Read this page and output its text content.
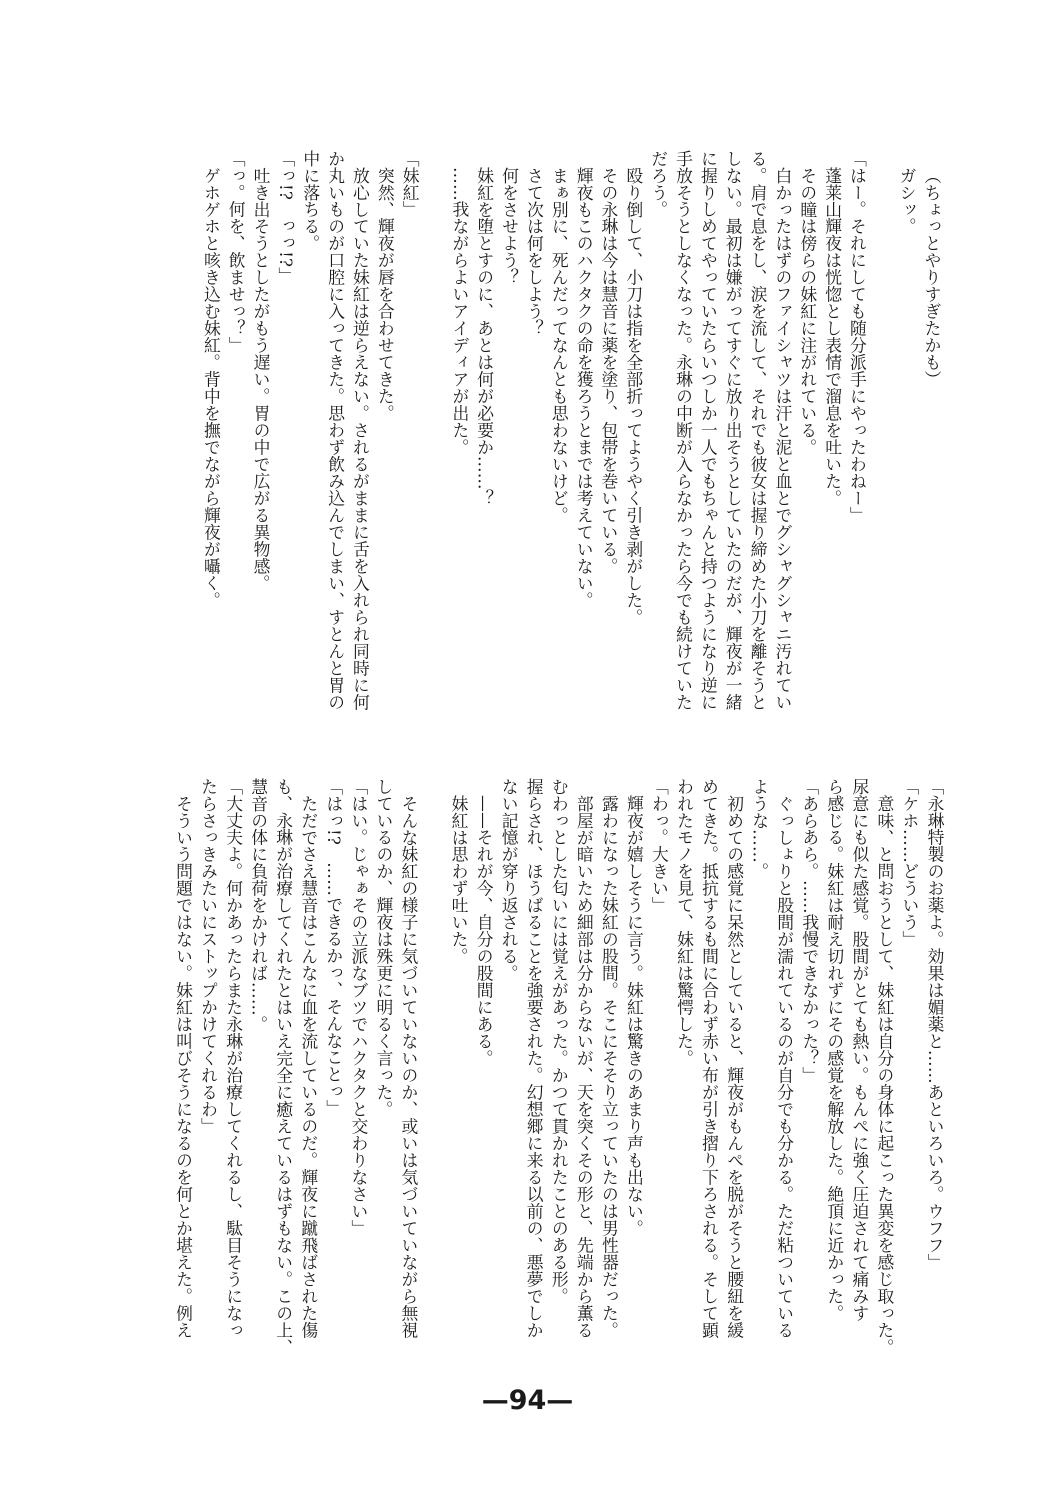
（ちょっとやりすぎたかも）
ガシッ。
「はー。それにしても随分派手にやったわねー」
蓬莱山輝夜は恍惚とし表情で溜息を吐いた。
その瞳は傍らの妹紅に注がれている。
白かったはずのファイシャツは汗と泥と血とでグシャグシャニ汚れてい
る。肩で息をし、涙を流して、それでも彼女は握り締めた小刀を離そうと
しない。最初は嫌がってすぐに放り出そうとしていたのだが、輝夜が一緒
に握りしめてやっていたらいつしか一人でもちゃんと持つようになり逆に
手放そうとしなくなった。永琳の中断が入らなかったら今でも続けていた
だろう。
殴り倒して、小刀は指を全部折ってようやく引き剥がした。
その永琳は今は慧音に薬を塗り、包帯を巻いている。
輝夜もこのハクタクの命を獲ろうとまでは考えていない。
まぁ別に、死んだってなんとも思わないけど。
さて次は何をしよう？
何をさせよう？
妹紅を堕とすのに、あとは何が必要か……？
……我ながらよいアイディアが出た。
「妹紅」
突然、輝夜が唇を合わせてきた。
放心していた妹紅は逆らえない。されるがままに舌を入れられ同時に何
か丸いものが口腔に入ってきた。思わず飲み込んでしまい、すとんと胃の
中に落ちる。
「っ!?　っっ!?」
吐き出そうとしたがもう遅い。胃の中で広がる異物感。
「っ。何を、飲ませっ？」
ゲホゲホと咳き込む妹紅。背中を撫でながら輝夜が囁く。
「永琳特製のお薬よ。効果は媚薬と……あといろいろ。ウフフ」
「ケホ……どういう」
意味、と問おうとして、妹紅は自分の身体に起こった異変を感じ取った。
尿意にも似た感覚。股間がとても熱い。もんぺに強く圧迫されて痛みす
ら感じる。妹紅は耐え切れずにその感覚を解放した。絶頂に近かった。
「あらあら。……我慢できなかった？」
ぐっしょりと股間が濡れているのが自分でも分かる。ただ粘ついている
ような……。
初めての感覚に呆然としていると、輝夜がもんぺを脱がそうと腰紐を緩
めてきた。抵抗するも間に合わず赤い布が引き摺り下ろされる。そして顕
われたモノを見て、妹紅は驚愕した。
「わっ。大きい」
輝夜が嬉しそうに言う。妹紅は驚きのあまり声も出ない。
露わになった妹紅の股間。そこにそそり立っていたのは男性器だった。
部屋が暗いため細部は分からないが、天を突くその形と、先端から薫る
むわっとした匂いには覚えがあった。かつて貫かれたことのある形。
握らされ、ほうばることを強要された。幻想郷に来る以前の、悪夢でしか
ない記憶が穿り返される。
——それが今、自分の股間にある。
妹紅は思わず吐いた。
そんな妹紅の様子に気づいていないのか、或いは気づいていながら無視
しているのか、輝夜は殊更に明るく言った。
「はい。じゃぁその立派なブツでハクタクと交わりなさい」
「はっ!?　……できるかっ、そんなことっ」
ただでさえ慧音はこんなに血を流しているのだ。輝夜に蹴飛ばされた傷
も、永琳が治療してくれたとはいえ完全に癒えているはずもない。この上、
慧音の体に負荷をかければ……。
「大丈夫よ。何かあったらまた永琳が治療してくれるし、駄目そうになっ
たらさっきみたいにストップかけてくれるわ」
そういう問題ではない。妹紅は叫びそうになるのを何とか堪えた。例え
—94—
